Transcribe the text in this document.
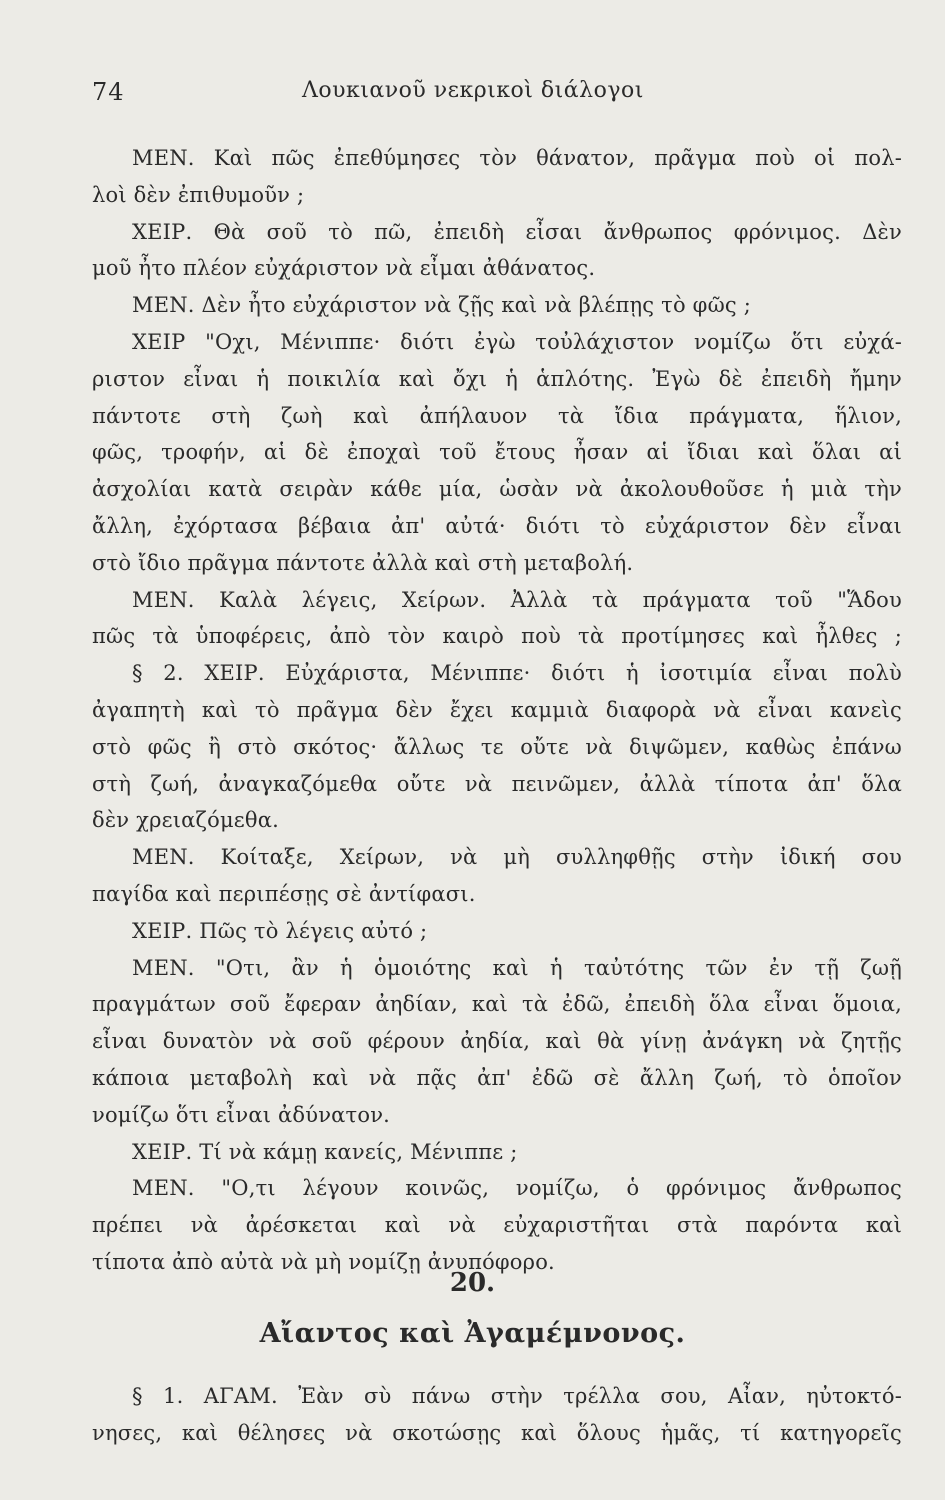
74	Λουκιανοῦ νεκρικοὶ διάλογοι
ΜΕΝ. Καὶ πῶς ἐπεθύμησες τὸν θάνατον, πρᾶγμα ποὺ οἱ πολ-
λοὶ δὲν ἐπιθυμοῦν ;
ΧΕΙΡ. Θὰ σοῦ τὸ πῶ, ἐπειδὴ εἶσαι ἄνθρωπος φρόνιμος. Δὲν
μοῦ ἦτο πλέον εὐχάριστον νὰ εἶμαι ἀθάνατος.
ΜΕΝ. Δὲν ἦτο εὐχάριστον νὰ ζῇς καὶ νὰ βλέπῃς τὸ φῶς ;
ΧΕΙΡ "Οχι, Μένιππε· διότι ἐγὼ τοὐλάχιστον νομίζω ὅτι εὐχά-
ριστον εἶναι ἡ ποικιλία καὶ ὄχι ἡ ἁπλότης. Ἐγὼ δὲ ἐπειδὴ ἤμην
πάντοτε στὴ ζωὴ καὶ ἀπήλαυον τὰ ἴδια πράγματα, ἥλιον,
φῶς, τροφήν, αἱ δὲ ἐποχαὶ τοῦ ἔτους ἦσαν αἱ ἴδιαι καὶ ὅλαι αἱ
ἀσχολίαι κατὰ σειρὰν κάθε μία, ὡσὰν νὰ ἀκολουθοῦσε ἡ μιὰ τὴν
ἄλλη, ἐχόρτασα βέβαια ἀπ' αὐτά· διότι τὸ εὐχάριστον δὲν εἶναι
στὸ ἴδιο πρᾶγμα πάντοτε ἀλλὰ καὶ στὴ μεταβολή.
ΜΕΝ. Καλὰ λέγεις, Χείρων. Ἀλλὰ τὰ πράγματα τοῦ "Ἅδου
πῶς τὰ ὑποφέρεις, ἀπὸ τὸν καιρὸ ποὺ τὰ προτίμησες καὶ ἦλθες ;
§ 2. ΧΕΙΡ. Εὐχάριστα, Μένιππε· διότι ἡ ἰσοτιμία εἶναι πολὺ
ἀγαπητὴ καὶ τὸ πρᾶγμα δὲν ἔχει καμμιὰ διαφορὰ νὰ εἶναι κανεὶς
στὸ φῶς ἢ στὸ σκότος· ἄλλως τε οὔτε νὰ διψῶμεν, καθὼς ἐπάνω
στὴ ζωή, ἀναγκαζόμεθα οὔτε νὰ πεινῶμεν, ἀλλὰ τίποτα ἀπ' ὅλα
δὲν χρειαζόμεθα.
ΜΕΝ. Κοίταξε, Χείρων, νὰ μὴ συλληφθῇς στὴν ἰδική σου
παγίδα καὶ περιπέσῃς σὲ ἀντίφασι.
ΧΕΙΡ. Πῶς τὸ λέγεις αὐτό ;
ΜΕΝ. "Οτι, ἂν ἡ ὁμοιότης καὶ ἡ ταὐτότης τῶν ἐν τῇ ζωῇ
πραγμάτων σοῦ ἔφεραν ἀηδίαν, καὶ τὰ ἐδῶ, ἐπειδὴ ὅλα εἶναι ὅμοια,
εἶναι δυνατὸν νὰ σοῦ φέρουν ἀηδία, καὶ θὰ γίνῃ ἀνάγκη νὰ ζητῇς
κάποια μεταβολὴ καὶ νὰ πᾷς ἀπ' ἐδῶ σὲ ἄλλη ζωή, τὸ ὁποῖον
νομίζω ὅτι εἶναι ἀδύνατον.
ΧΕΙΡ. Τί νὰ κάμῃ κανείς, Μένιππε ;
ΜΕΝ. "Ο,τι λέγουν κοινῶς, νομίζω, ὁ φρόνιμος ἄνθρωπος
πρέπει νὰ ἀρέσκεται καὶ νὰ εὐχαριστῆται στὰ παρόντα καὶ
τίποτα ἀπὸ αὐτὰ νὰ μὴ νομίζῃ ἀνυπόφορο.
20.
Αἴαντος καὶ Ἀγαμέμνονος.
§ 1. ΑΓΑΜ. Ἐὰν σὺ πάνω στὴν τρέλλα σου, Αἶαν, ηὐτοκτό-
νησες, καὶ θέλησες νὰ σκοτώσῃς καὶ ὅλους ἡμᾶς, τί κατηγορεῖς
